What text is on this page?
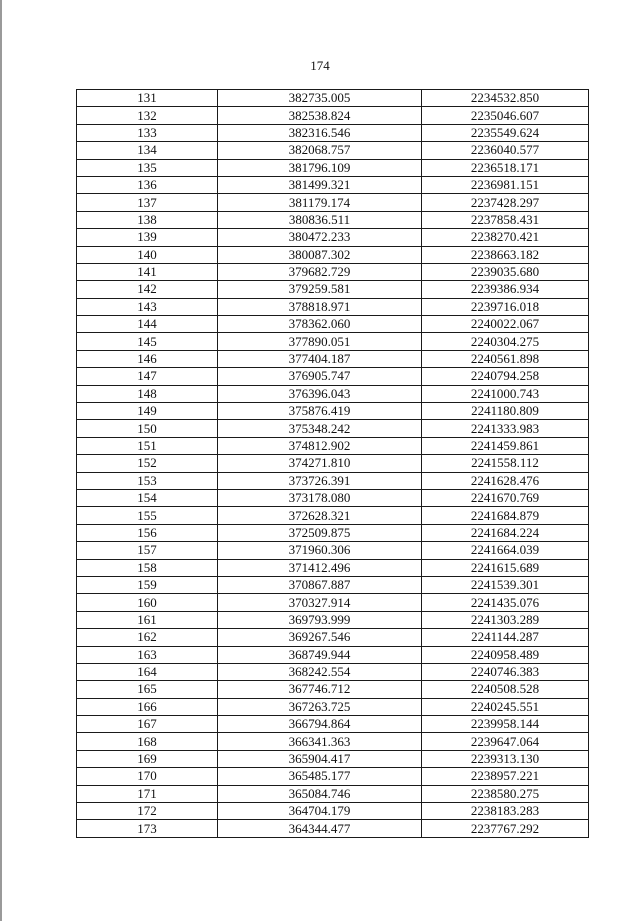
174
131	382735.005	2234532.850
132	382538.824	2235046.607
133	382316.546	2235549.624
134	382068.757	2236040.577
135	381796.109	2236518.171
136	381499.321	2236981.151
137	381179.174	2237428.297
138	380836.511	2237858.431
139	380472.233	2238270.421
140	380087.302	2238663.182
141	379682.729	2239035.680
142	379259.581	2239386.934
143	378818.971	2239716.018
144	378362.060	2240022.067
145	377890.051	2240304.275
146	377404.187	2240561.898
147	376905.747	2240794.258
148	376396.043	2241000.743
149	375876.419	2241180.809
150	375348.242	2241333.983
151	374812.902	2241459.861
152	374271.810	2241558.112
153	373726.391	2241628.476
154	373178.080	2241670.769
155	372628.321	2241684.879
156	372509.875	2241684.224
157	371960.306	2241664.039
158	371412.496	2241615.689
159	370867.887	2241539.301
160	370327.914	2241435.076
161	369793.999	2241303.289
162	369267.546	2241144.287
163	368749.944	2240958.489
164	368242.554	2240746.383
165	367746.712	2240508.528
166	367263.725	2240245.551
167	366794.864	2239958.144
168	366341.363	2239647.064
169	365904.417	2239313.130
170	365485.177	2238957.221
171	365084.746	2238580.275
172	364704.179	2238183.283
173	364344.477	2237767.292
